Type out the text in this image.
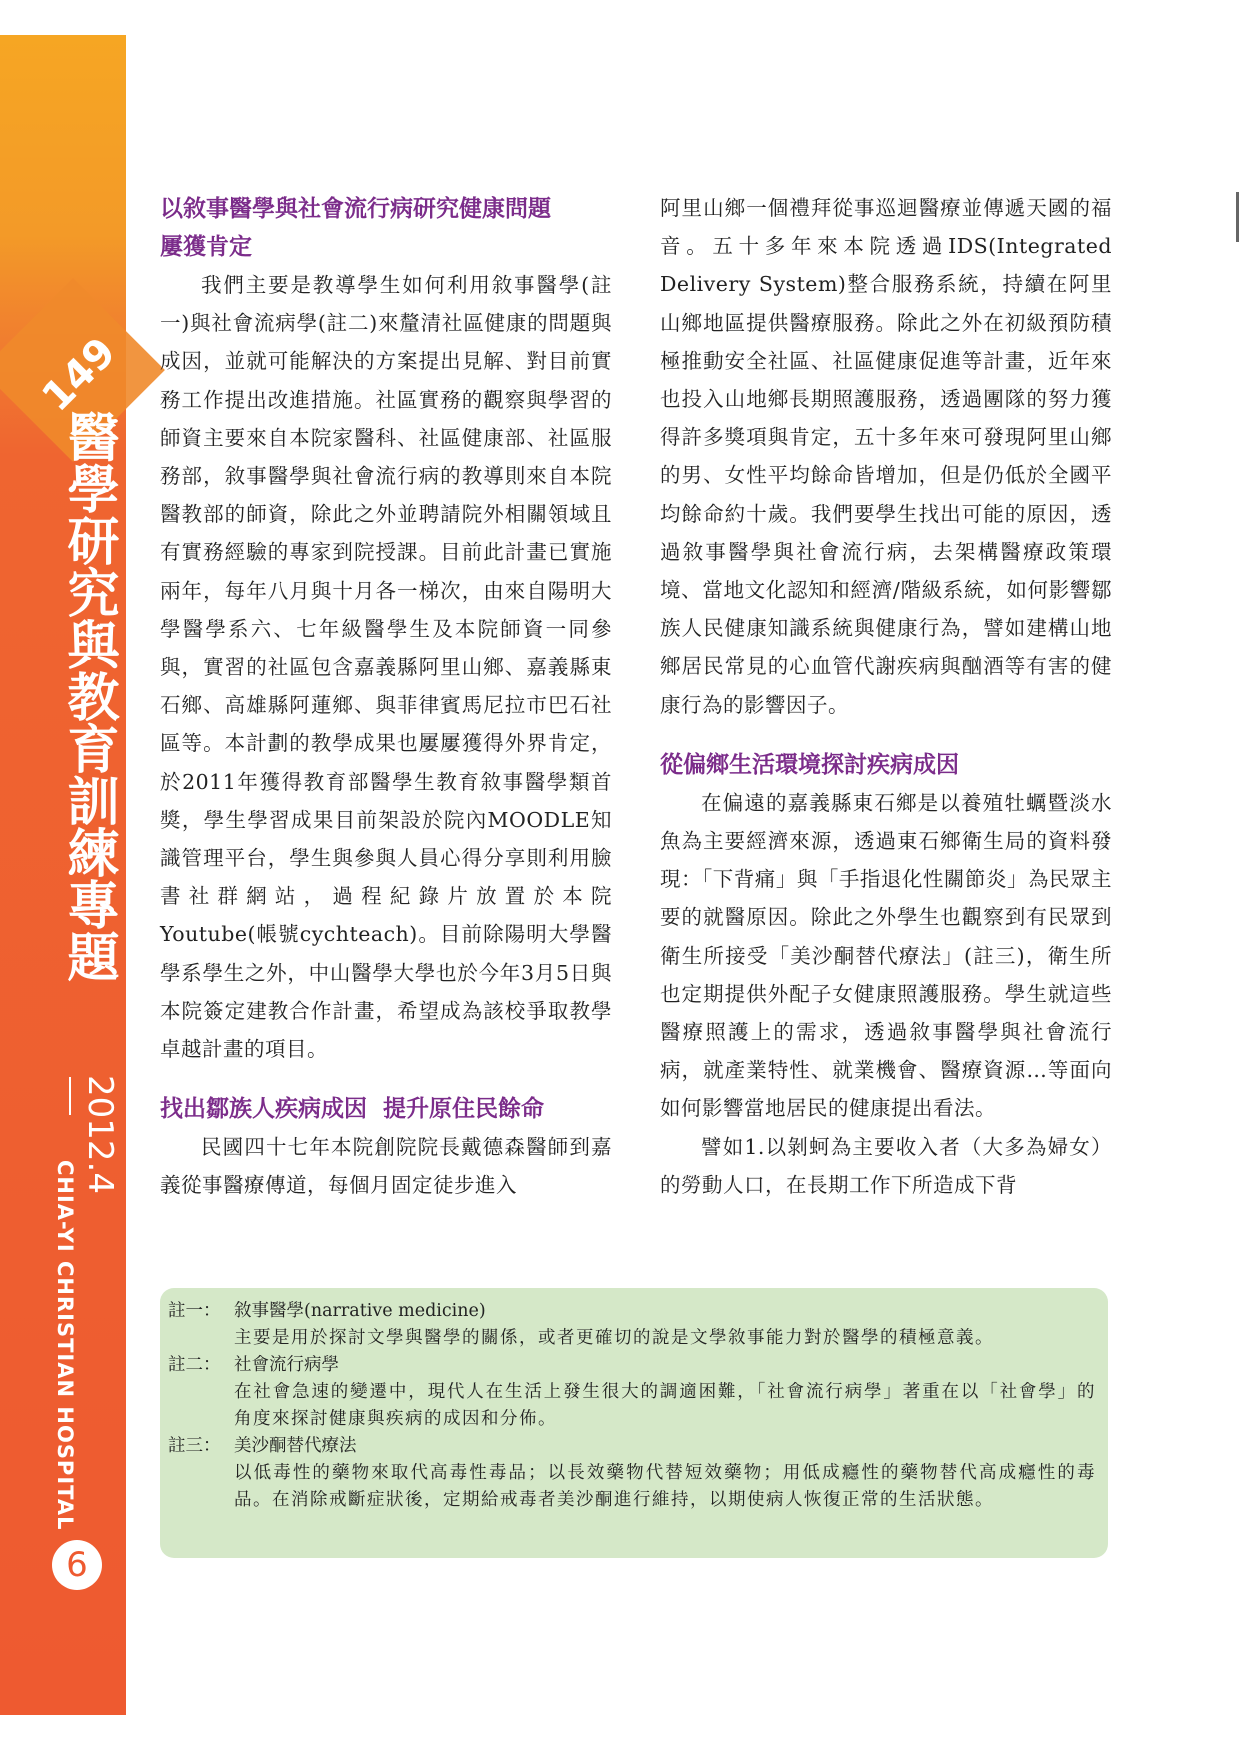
149
醫學研究與教育訓練專題
2012.4
CHIA-YI CHRISTIAN HOSPITAL
6
以敘事醫學與社會流行病研究健康問題
屢獲肯定

我們主要是教導學生如何利用敘事醫學(註一)與社會流病學(註二)來釐清社區健康的問題與成因，並就可能解決的方案提出見解、對目前實務工作提出改進措施。社區實務的觀察與學習的師資主要來自本院家醫科、社區健康部、社區服務部，敘事醫學與社會流行病的教導則來自本院醫教部的師資，除此之外並聘請院外相關領域且有實務經驗的專家到院授課。目前此計畫已實施兩年，每年八月與十月各一梯次，由來自陽明大學醫學系六、七年級醫學生及本院師資一同參與，實習的社區包含嘉義縣阿里山鄉、嘉義縣東石鄉、高雄縣阿蓮鄉、與菲律賓馬尼拉市巴石社區等。本計劃的教學成果也屢屢獲得外界肯定，於2011年獲得教育部醫學生教育敘事醫學類首獎，學生學習成果目前架設於院內MOODLE知識管理平台，學生與參與人員心得分享則利用臉書社群網站，過程紀錄片放置於本院Youtube(帳號cychteach)。目前除陽明大學醫學系學生之外，中山醫學大學也於今年3月5日與本院簽定建教合作計畫，希望成為該校爭取教學卓越計畫的項目。

找出鄒族人疾病成因  提升原住民餘命

民國四十七年本院創院院長戴德森醫師到嘉義從事醫療傳道，每個月固定徒步進入

阿里山鄉一個禮拜從事巡迴醫療並傳遞天國的福音。五十多年來本院透過IDS(Integrated Delivery System)整合服務系統，持續在阿里山鄉地區提供醫療服務。除此之外在初級預防積極推動安全社區、社區健康促進等計畫，近年來也投入山地鄉長期照護服務，透過團隊的努力獲得許多獎項與肯定，五十多年來可發現阿里山鄉的男、女性平均餘命皆增加，但是仍低於全國平均餘命約十歲。我們要學生找出可能的原因，透過敘事醫學與社會流行病，去架構醫療政策環境、當地文化認知和經濟/階級系統，如何影響鄒族人民健康知識系統與健康行為，譬如建構山地鄉居民常見的心血管代謝疾病與酗酒等有害的健康行為的影響因子。

從偏鄉生活環境探討疾病成因

在偏遠的嘉義縣東石鄉是以養殖牡蠣暨淡水魚為主要經濟來源，透過東石鄉衛生局的資料發現：「下背痛」與「手指退化性關節炎」為民眾主要的就醫原因。除此之外學生也觀察到有民眾到衛生所接受「美沙酮替代療法」(註三)，衛生所也定期提供外配子女健康照護服務。學生就這些醫療照護上的需求，透過敘事醫學與社會流行病，就產業特性、就業機會、醫療資源…等面向如何影響當地居民的健康提出看法。

譬如1.以剝蚵為主要收入者（大多為婦女）的勞動人口，在長期工作下所造成下背

註一： 敘事醫學(narrative medicine)
主要是用於探討文學與醫學的關係，或者更確切的說是文學敘事能力對於醫學的積極意義。
註二： 社會流行病學
在社會急速的變遷中，現代人在生活上發生很大的調適困難，「社會流行病學」著重在以「社會學」的角度來探討健康與疾病的成因和分佈。
註三： 美沙酮替代療法
以低毒性的藥物來取代高毒性毒品；以長效藥物代替短效藥物；用低成癮性的藥物替代高成癮性的毒品。在消除戒斷症狀後，定期給戒毒者美沙酮進行維持，以期使病人恢復正常的生活狀態。
